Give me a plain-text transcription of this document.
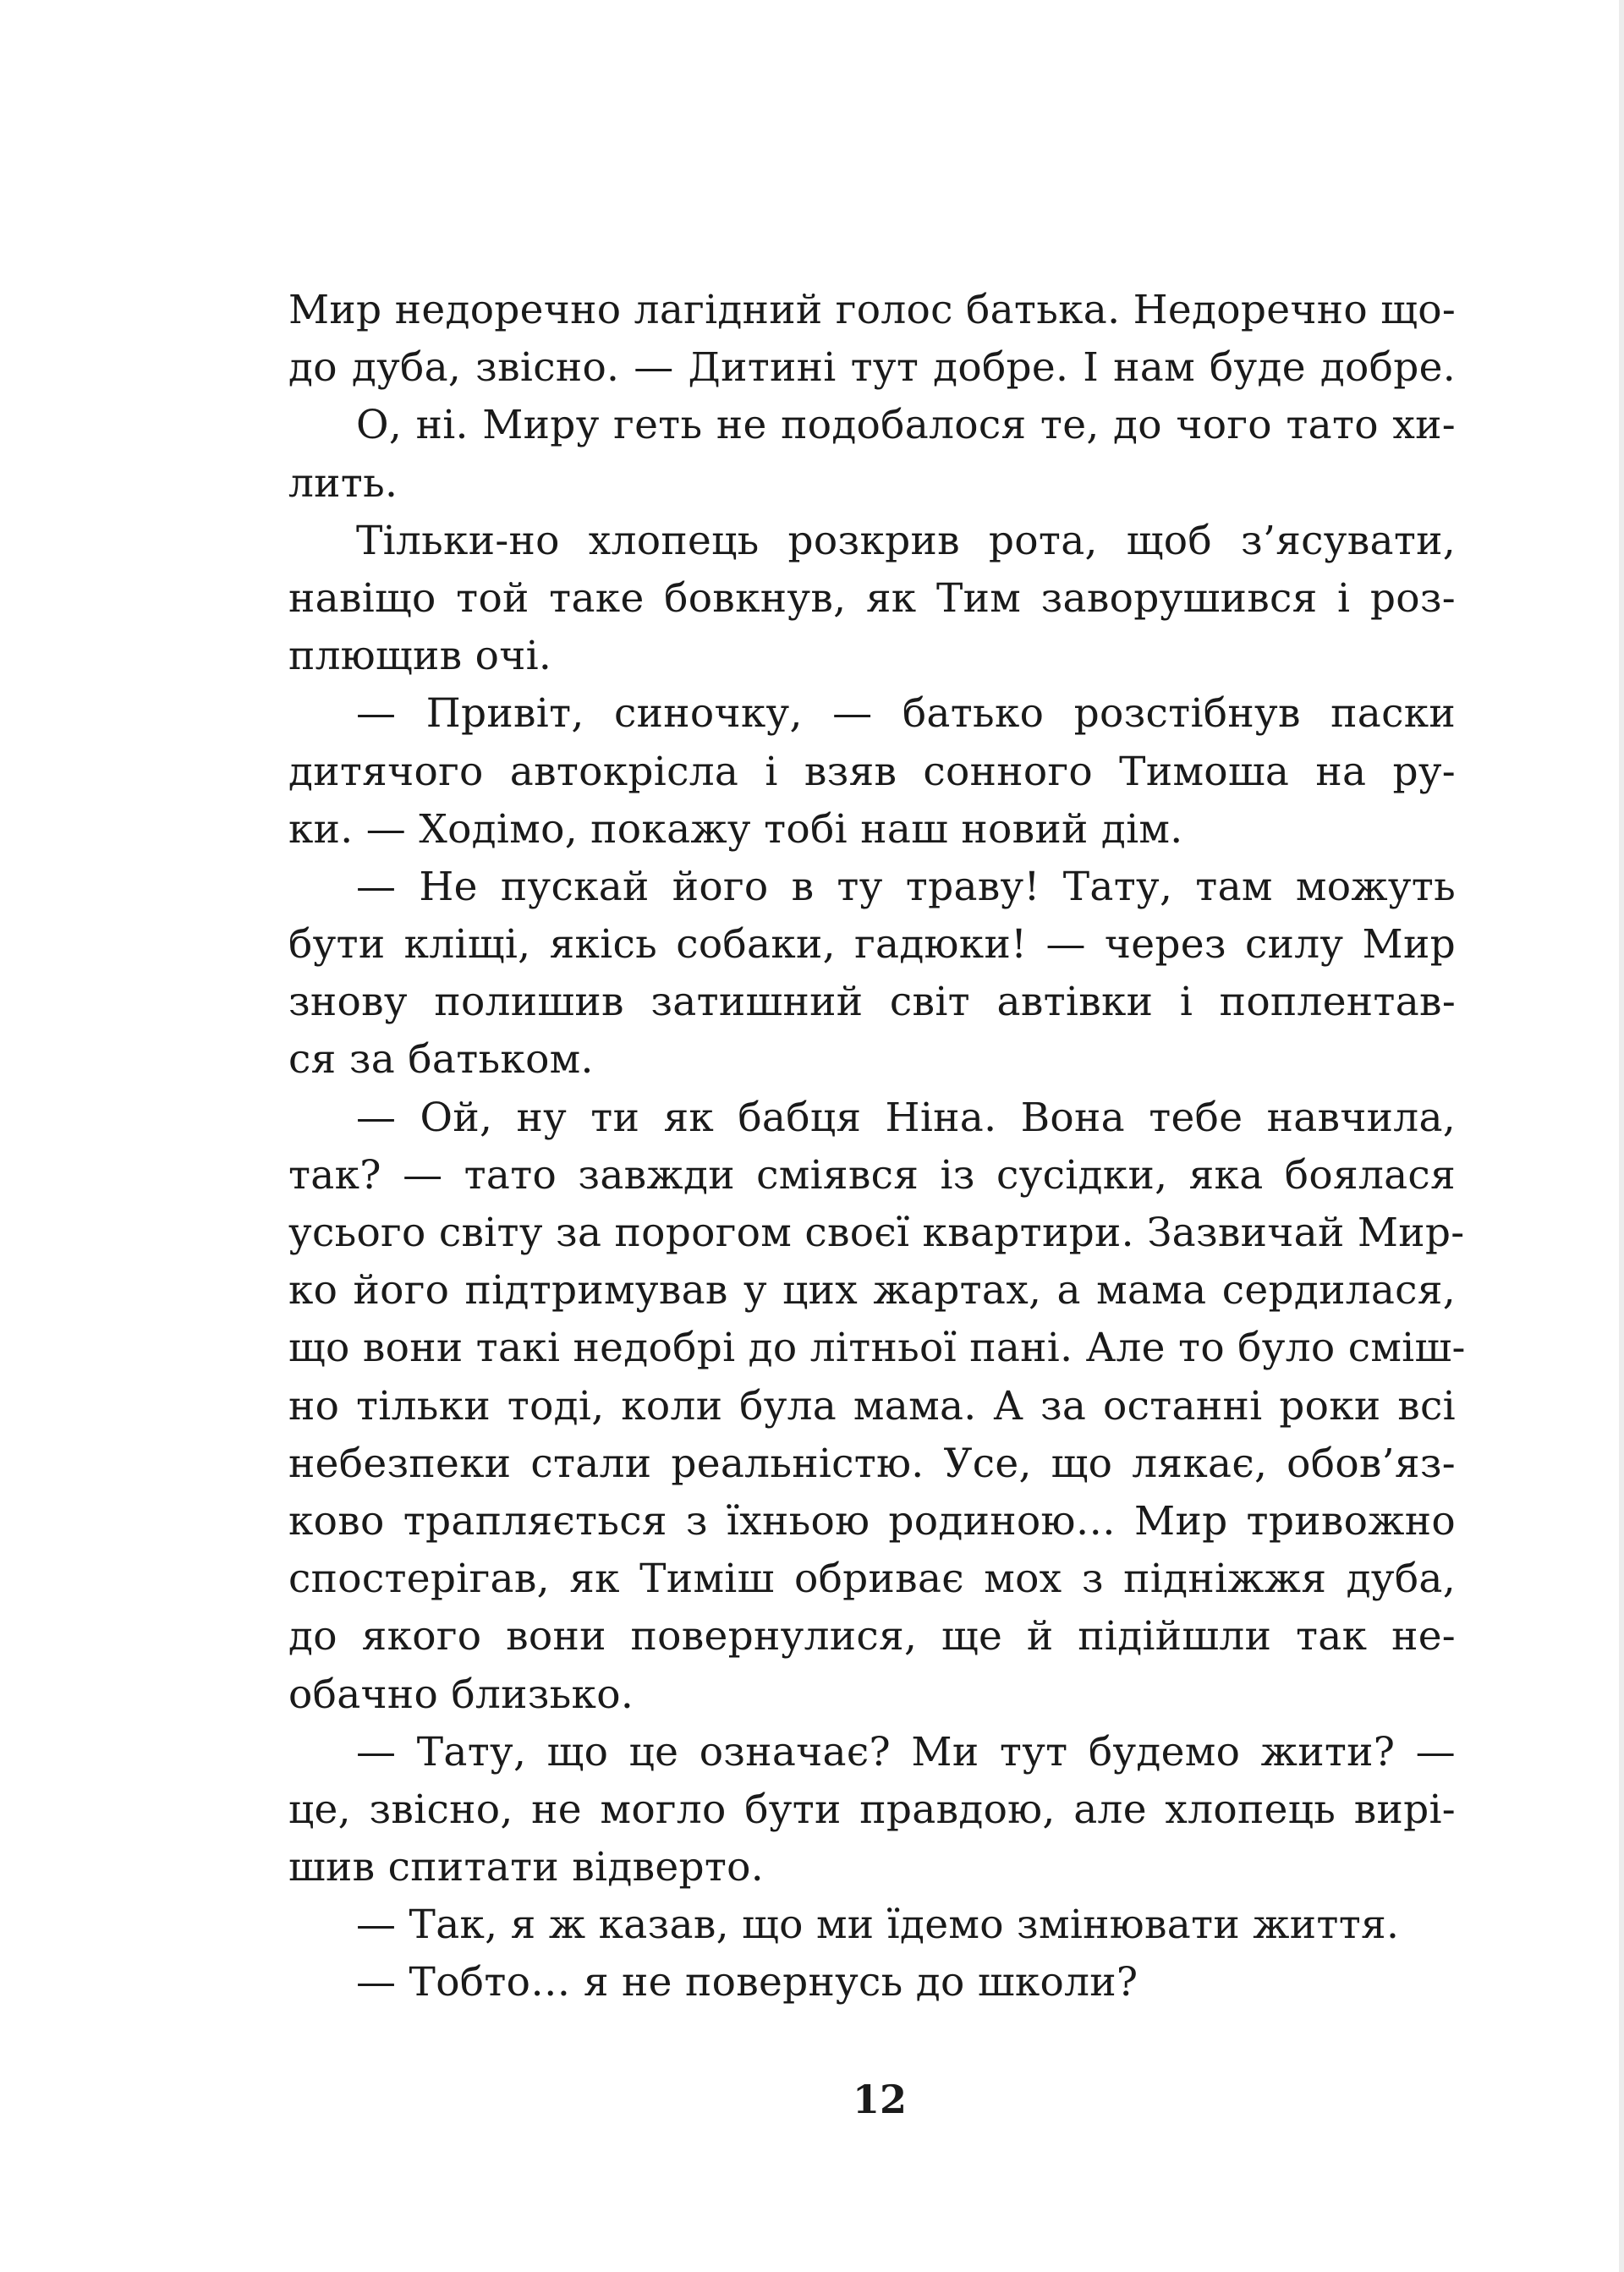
Мир недоречно лагідний голос батька. Недоречно що-
до дуба, звісно. — Дитині тут добре. І нам буде добре.
О, ні. Миру геть не подобалося те, до чого тато хи-
лить.
Тільки-но хлопець розкрив рота, щоб з’ясувати,
навіщо той таке бовкнув, як Тим заворушився і роз-
плющив очі.
— Привіт, синочку, — батько розстібнув паски
дитячого автокрісла і взяв сонного Тимоша на ру-
ки. — Ходімо, покажу тобі наш новий дім.
— Не пускай його в ту траву! Тату, там можуть
бути кліщі, якісь собаки, гадюки! — через силу Мир
знову полишив затишний світ автівки і поплентав-
ся за батьком.
— Ой, ну ти як бабця Ніна. Вона тебе навчила,
так? — тато завжди сміявся із сусідки, яка боялася
усього світу за порогом своєї квартири. Зазвичай Мир-
ко його підтримував у цих жартах, а мама сердилася,
що вони такі недобрі до літньої пані. Але то було смiш-
но тільки тоді, коли була мама. А за останні роки всі
небезпеки стали реальністю. Усе, що лякає, обов’яз-
ково трапляється з їхньою родиною… Мир тривожно
спостерігав, як Тиміш обриває мох з підніжжя дуба,
до якого вони повернулися, ще й підійшли так не-
обачно близько.
— Тату, що це означає? Ми тут будемо жити? —
це, звісно, не могло бути правдою, але хлопець вирі-
шив спитати відверто.
— Так, я ж казав, що ми їдемо змінювати життя.
— Тобто… я не повернусь до школи?
12
